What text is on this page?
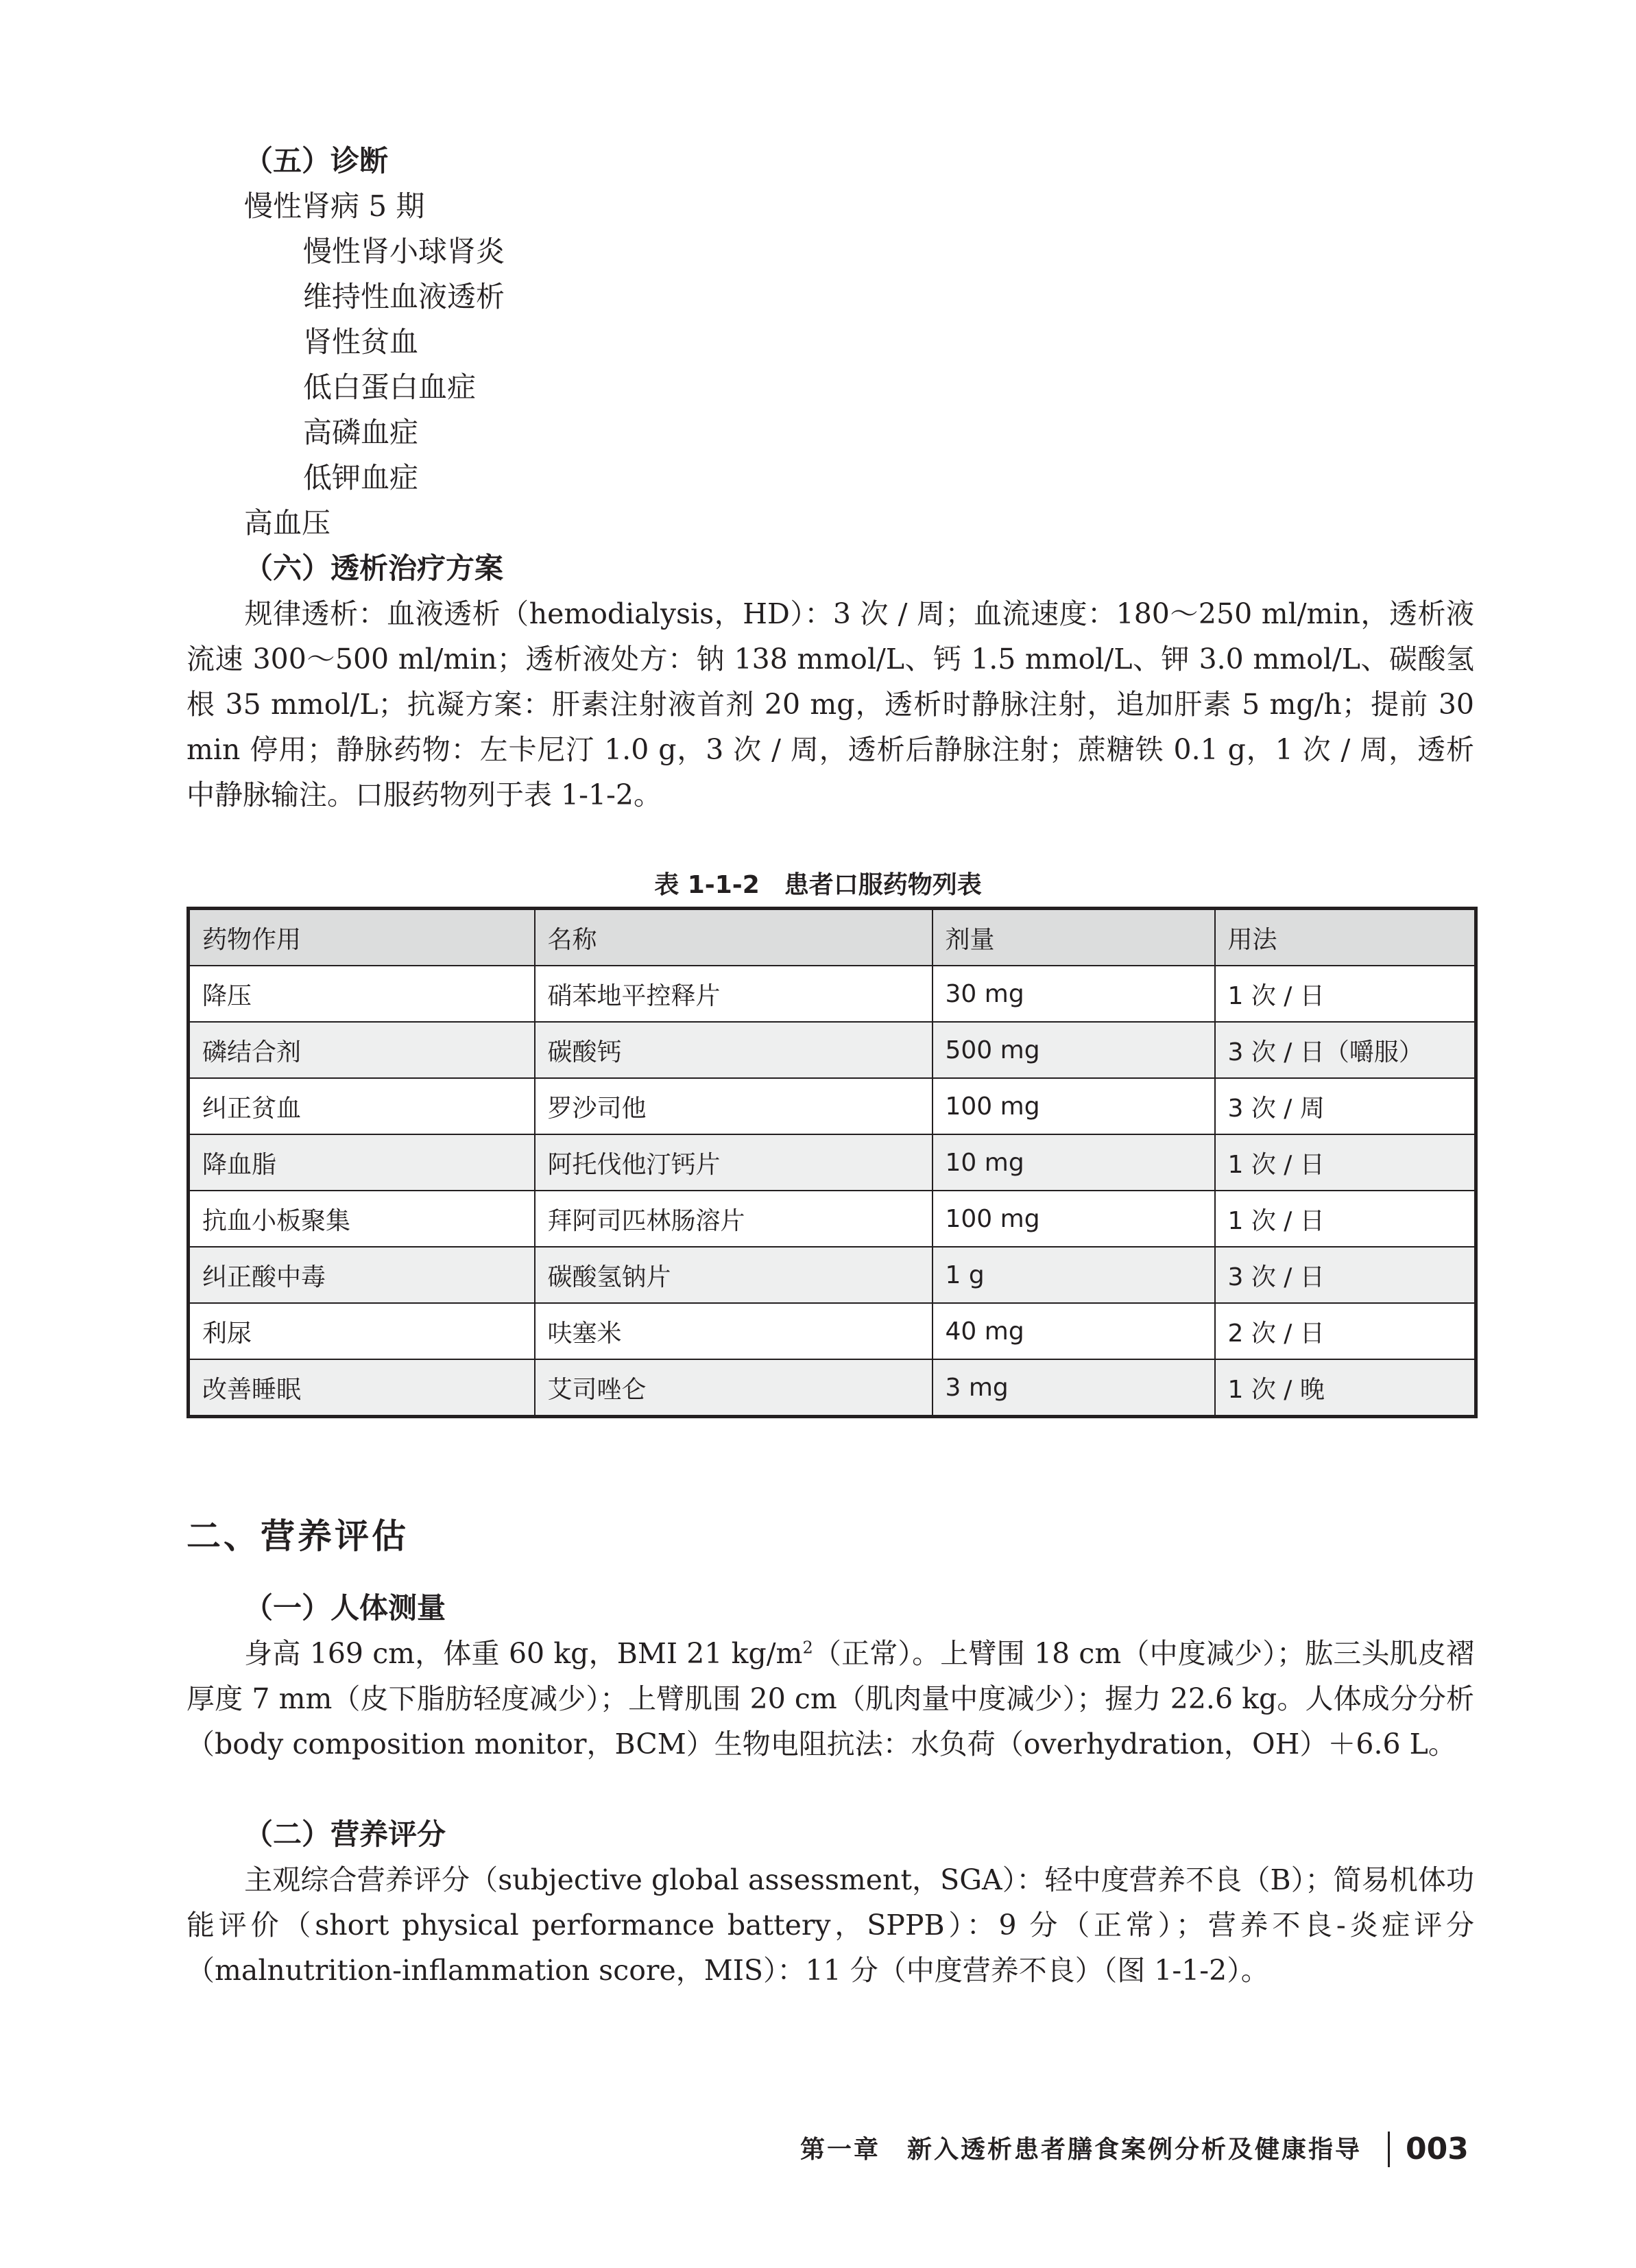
（五）诊断
慢性肾病 5 期
慢性肾小球肾炎
维持性血液透析
肾性贫血
低白蛋白血症
高磷血症
低钾血症
高血压
（六）透析治疗方案
规律透析：血液透析（hemodialysis，HD）：3 次 / 周；血流速度：180～250 ml/min，透析液流速 300～500 ml/min；透析液处方：钠 138 mmol/L、钙 1.5 mmol/L、钾 3.0 mmol/L、碳酸氢根 35 mmol/L；抗凝方案：肝素注射液首剂 20 mg，透析时静脉注射，追加肝素 5 mg/h；提前 30 min 停用；静脉药物：左卡尼汀 1.0 g，3 次 / 周，透析后静脉注射；蔗糖铁 0.1 g，1 次 / 周，透析中静脉输注。口服药物列于表 1-1-2。
表 1-1-2　患者口服药物列表
药物作用	名称	剂量	用法
降压	硝苯地平控释片	30 mg	1 次 / 日
磷结合剂	碳酸钙	500 mg	3 次 / 日（嚼服）
纠正贫血	罗沙司他	100 mg	3 次 / 周
降血脂	阿托伐他汀钙片	10 mg	1 次 / 日
抗血小板聚集	拜阿司匹林肠溶片	100 mg	1 次 / 日
纠正酸中毒	碳酸氢钠片	1 g	3 次 / 日
利尿	呋塞米	40 mg	2 次 / 日
改善睡眠	艾司唑仑	3 mg	1 次 / 晚
二、营养评估
（一）人体测量
身高 169 cm，体重 60 kg，BMI 21 $kg/m^2$（正常）。上臂围 18 cm（中度减少）；肱三头肌皮褶厚度 7 mm（皮下脂肪轻度减少）；上臂肌围 20 cm（肌肉量中度减少）；握力 22.6 kg。人体成分分析（body composition monitor，BCM）生物电阻抗法：水负荷（overhydration，OH）＋6.6 L。
（二）营养评分
主观综合营养评分（subjective global assessment，SGA）：轻中度营养不良（B）；简易机体功能评价（short physical performance battery，SPPB）：9 分（正常）；营养不良-炎症评分（malnutrition-inflammation score，MIS）：11 分（中度营养不良）（图 1-1-2）。
第一章　新入透析患者膳食案例分析及健康指导 003
